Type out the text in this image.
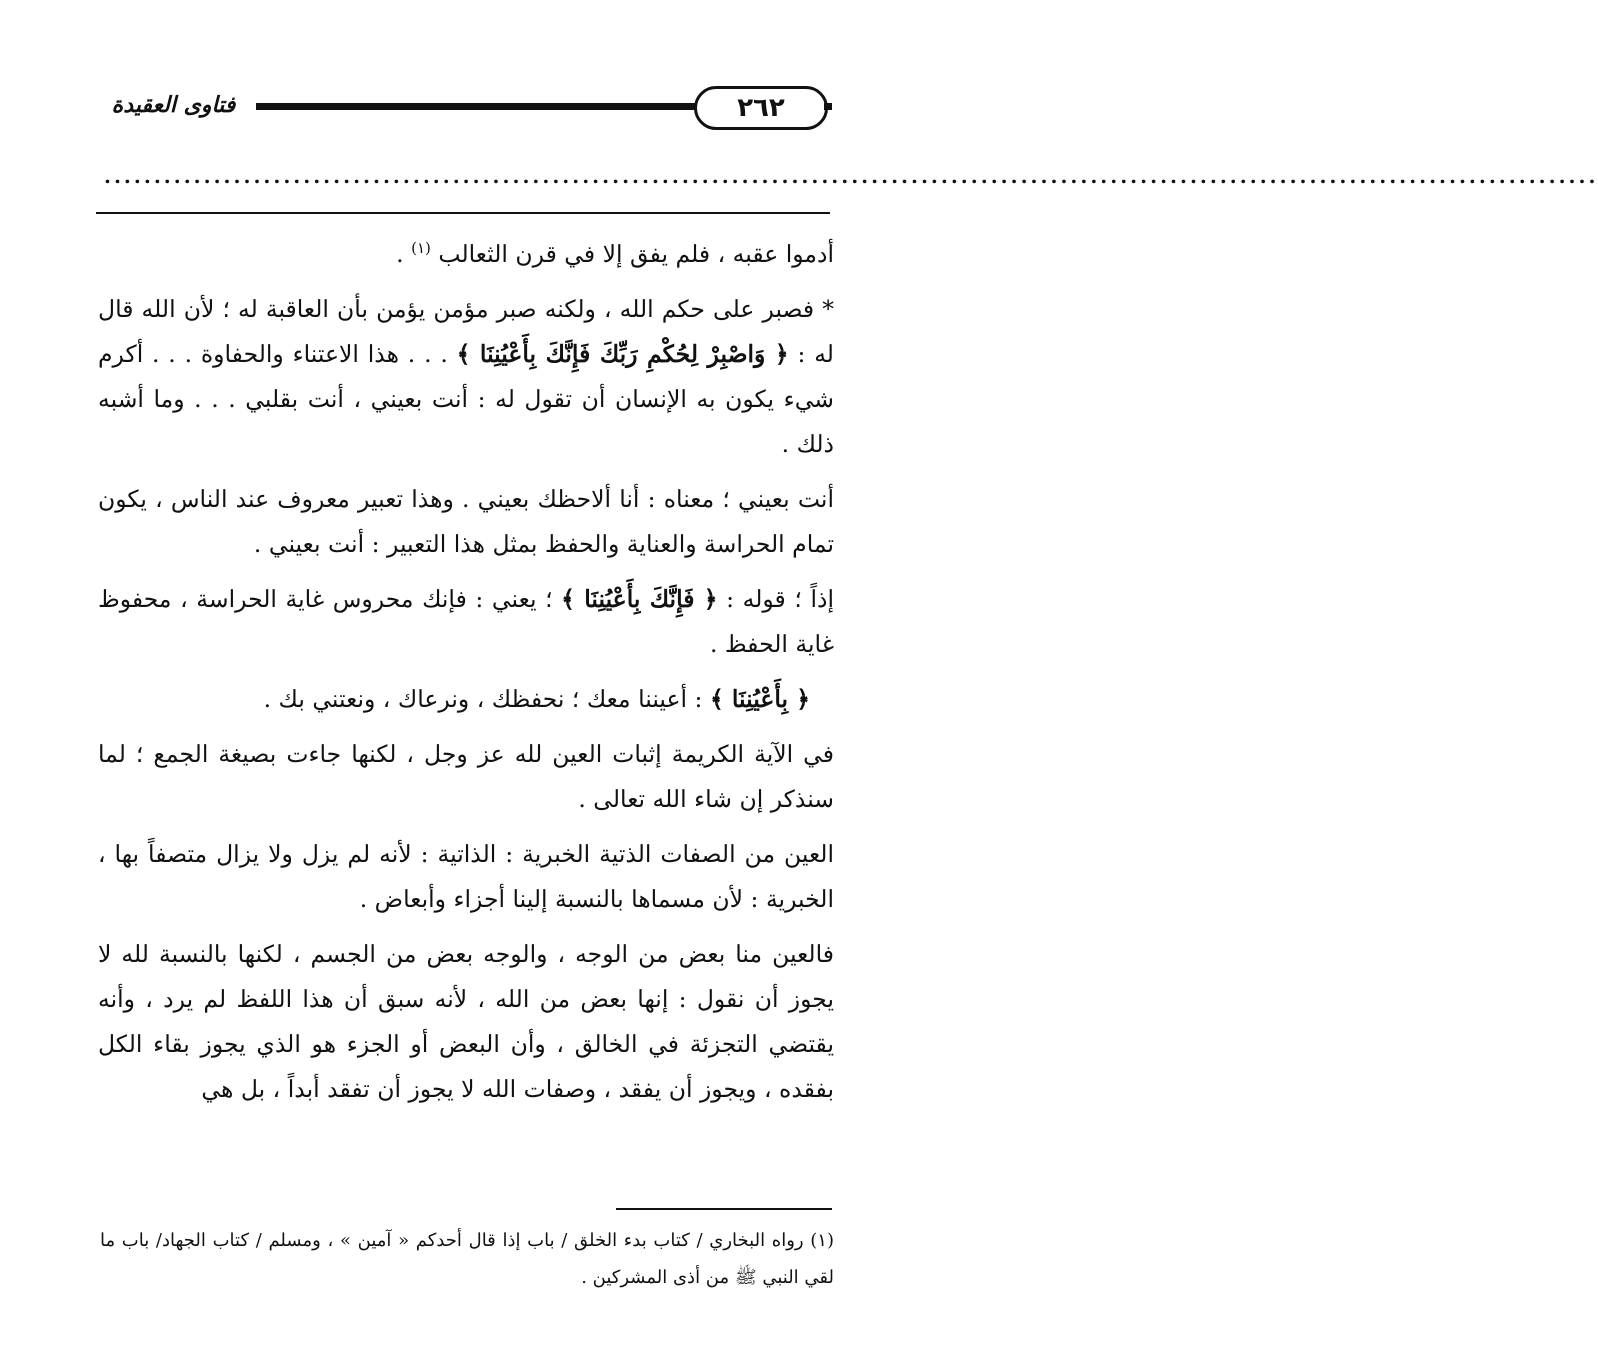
فتاوى العقيدة	٢٦٢
......................................................................................................................................................

أدموا عقبه ، فلم يفق إلا في قرن الثعالب $^{(١)}$ .

* فصبر على حكم الله ، ولكنه صبر مؤمن يؤمن بأن العاقبة له ؛ لأن الله قال له : ﴿ وَاصْبِرْ لِحُكْمِ رَبِّكَ فَإِنَّكَ بِأَعْيُنِنَا ﴾ . . . هذا الاعتناء والحفاوة . . . أكرم شيء يكون به الإنسان أن تقول له : أنت بعيني ، أنت بقلبي . . . وما أشبه ذلك .

أنت بعيني ؛ معناه : أنا ألاحظك بعيني . وهذا تعبير معروف عند الناس ، يكون تمام الحراسة والعناية والحفظ بمثل هذا التعبير : أنت بعيني .

إذاً ؛ قوله : ﴿ فَإِنَّكَ بِأَعْيُنِنَا ﴾ ؛ يعني : فإنك محروس غاية الحراسة ، محفوظ غاية الحفظ .

﴿ بِأَعْيُنِنَا ﴾ : أعيننا معك ؛ نحفظك ، ونرعاك ، ونعتني بك .

في الآية الكريمة إثبات العين لله عز وجل ، لكنها جاءت بصيغة الجمع ؛ لما سنذكر إن شاء الله تعالى .

العين من الصفات الذتية الخبرية : الذاتية : لأنه لم يزل ولا يزال متصفاً بها ، الخبرية : لأن مسماها بالنسبة إلينا أجزاء وأبعاض .

فالعين منا بعض من الوجه ، والوجه بعض من الجسم ، لكنها بالنسبة لله لا يجوز أن نقول : إنها بعض من الله ، لأنه سبق أن هذا اللفظ لم يرد ، وأنه يقتضي التجزئة في الخالق ، وأن البعض أو الجزء هو الذي يجوز بقاء الكل بفقده ، ويجوز أن يفقد ، وصفات الله لا يجوز أن تفقد أبداً ، بل هي

(١) رواه البخاري / كتاب بدء الخلق / باب إذا قال أحدكم « آمين » ، ومسلم / كتاب الجهاد/ باب ما لقي النبي ﷺ من أذى المشركين .
